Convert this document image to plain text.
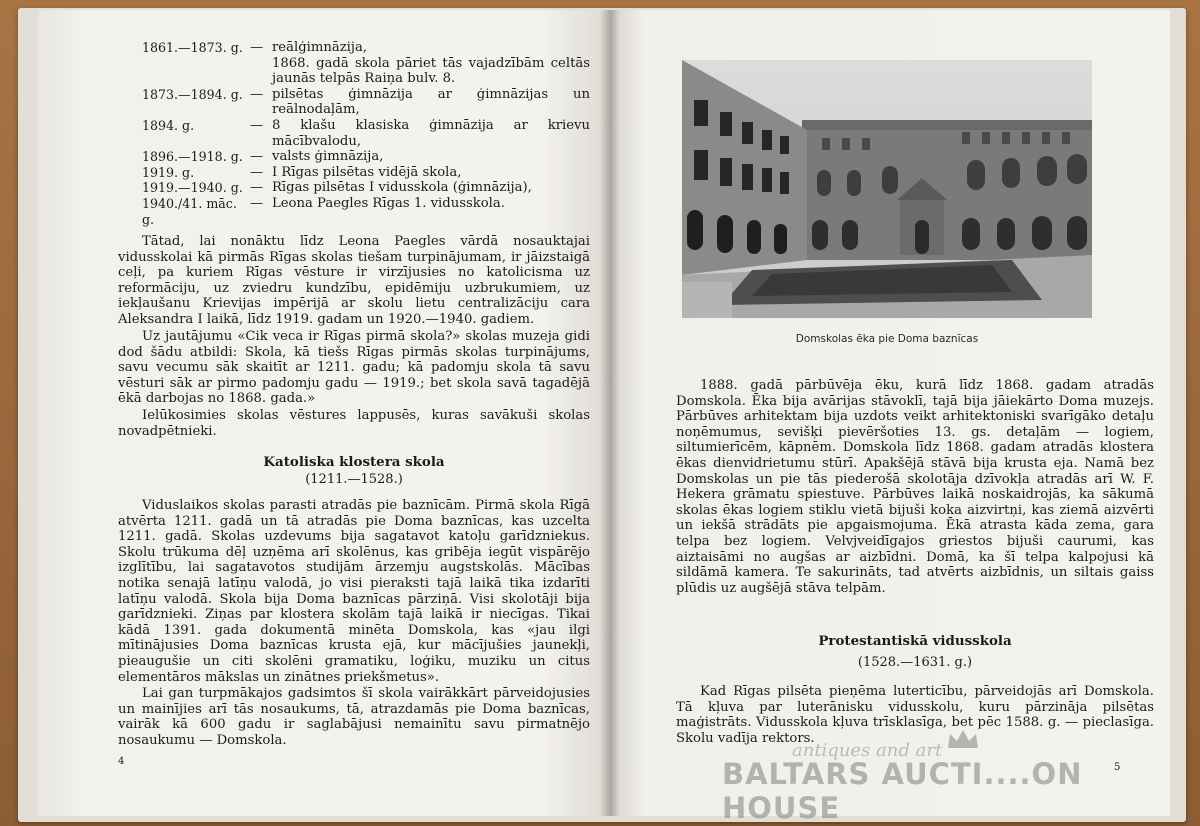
1861.—1873. g. — reālģimnāzija,
1868. gadā skola pāriet tās vajadzībām celtās jaunās telpās Raiņa bulv. 8.
1873.—1894. g. — pilsētas ģimnāzija ar ģimnāzijas un reālnodaļām,
1894. g.	— 8 klašu klasiska ģimnāzija ar krievu mācībvalodu,
1896.—1918. g. — valsts ģimnāzija,
1919. g.	— I Rīgas pilsētas vidējā skola,
1919.—1940. g. — Rīgas pilsētas I vidusskola (ģimnāzija),
1940./41. māc. g.
— Leona Paegles Rīgas 1. vidusskola.
Tātad, lai nonāktu līdz Leona Paegles vārdā nosauktajai vidusskolai kā pirmās Rīgas skolas tiešam turpinājumam, ir jāizstaigā ceļi, pa kuriem Rīgas vēsture ir virzījusies no katolicisma uz reformāciju, uz zviedru kundzību, epidēmiju uzbrukumiem, uz iekļaušanu Krievijas impērijā ar skolu lietu centralizāciju cara Aleksandra I laikā, līdz 1919. gadam un 1920.—1940. gadiem.
Uz jautājumu «Cik veca ir Rīgas pirmā skola?» skolas muzeja gidi dod šādu atbildi: Skola, kā tiešs Rīgas pirmās skolas turpinājums, savu vecumu sāk skaitīt ar 1211. gadu; kā padomju skola tā savu vēsturi sāk ar pirmo padomju gadu — 1919.; bet skola savā tagadējā ēkā darbojas no 1868. gada.»
Ielūkosimies skolas vēstures lappusēs, kuras savākuši skolas novadpētnieki.
Katoliska klostera skola
(1211.—1528.)
Viduslaikos skolas parasti atradās pie baznīcām. Pirmā skola Rīgā atvērta 1211. gadā un tā atradās pie Doma baznīcas, kas uzcelta 1211. gadā. Skolas uzdevums bija sagatavot katoļu garīdzniekus. Skolu trūkuma dēļ uzņēma arī skolēnus, kas gribēja iegūt vispārējo izglītību, lai sagatavotos studijām ārzemju augstskolās. Mācības notika senajā latīņu valodā, jo visi pieraksti tajā laikā tika izdarīti latīņu valodā. Skola bija Doma baznīcas pārziņā. Visi skolotāji bija garīdznieki. Ziņas par klostera skolām tajā laikā ir niecīgas. Tikai kādā 1391. gada dokumentā minēta Domskola, kas «jau ilgi mītinājusies Doma baznīcas krusta ejā, kur mācījušies jaunekļi, pieaugušie un citi skolēni gramatiku, loģiku, muziku un citus elementāros mākslas un zinātnes priekšmetus».
Lai gan turpmākajos gadsimtos šī skola vairākkārt pārveidojusies un mainījies arī tās nosaukums, tā, atrazdamās pie Doma baznīcas, vairāk kā 600 gadu ir saglabājusi nemainītu savu pirmatnējo nosaukumu — Domskola.
4
Domskolas ēka pie Doma baznīcas
1888. gadā pārbūvēja ēku, kurā līdz 1868. gadam atradās Domskola. Ēka bija avārijas stāvoklī, tajā bija jāiekārto Doma muzejs. Pārbūves arhitektam bija uzdots veikt arhitektoniski svarīgāko detaļu noņēmumus, sevišķi pievēršoties 13. gs. detaļām — logiem, siltumierīcēm, kāpnēm. Domskola līdz 1868. gadam atradās klostera ēkas dienvidrietumu stūrī. Apakšējā stāvā bija krusta eja. Namā bez Domskolas un pie tās piederošā skolotāja dzīvokļa atradās arī W. F. Hekera grāmatu spiestuve. Pārbūves laikā noskaidrojās, ka sākumā skolas ēkas logiem stiklu vietā bijuši koka aizvirtņi, kas ziemā aizvērti un iekšā strādāts pie apgaismojuma. Ēkā atrasta kāda zema, gara telpa bez logiem. Velvjveidīgajos griestos bijuši caurumi, kas aiztaisāmi no augšas ar aizbīdni. Domā, ka šī telpa kalpojusi kā sildāmā kamera. Te sakurināts, tad atvērts aizbīdnis, un siltais gaiss plūdis uz augšējā stāva telpām.
Protestantiskā vidusskola
(1528.—1631. g.)
Kad Rīgas pilsēta pieņēma luterticību, pārveidojās arī Domskola. Tā kļuva par luterānisku vidusskolu, kuru pārzināja pilsētas maģistrāts. Vidusskola kļuva trīsklasīga, bet pēc 1588. g. — pieclasīga. Skolu vadīja rektors.
5
antiques and art
BALTARS AUCTI....ON HOUSE
